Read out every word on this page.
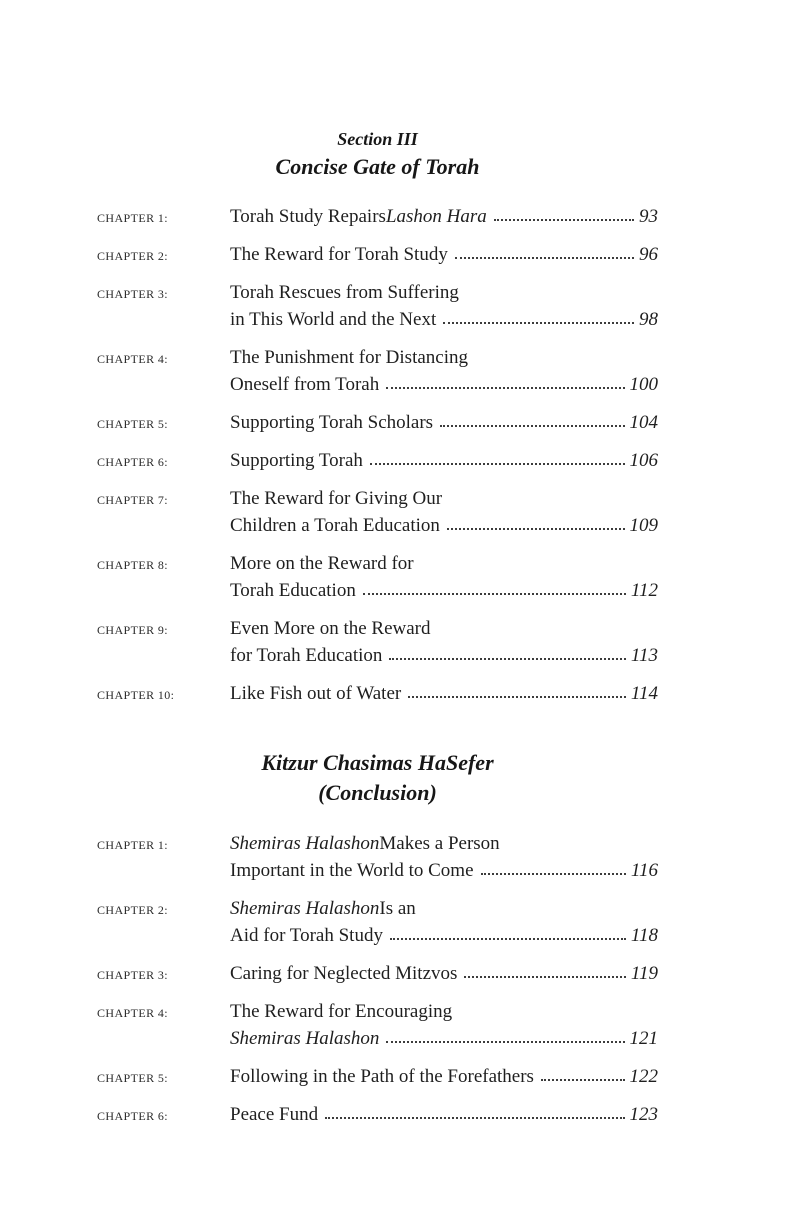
Section III
Concise Gate of Torah
CHAPTER 1:	Torah Study Repairs Lashon Hara	93
CHAPTER 2:	The Reward for Torah Study	96
CHAPTER 3:	Torah Rescues from Suffering
in This World and the Next	98
CHAPTER 4:	The Punishment for Distancing
Oneself from Torah	100
CHAPTER 5:	Supporting Torah Scholars	104
CHAPTER 6:	Supporting Torah	106
CHAPTER 7:	The Reward for Giving Our
Children a Torah Education	109
CHAPTER 8:	More on the Reward for
Torah Education	112
CHAPTER 9:	Even More on the Reward
for Torah Education	113
CHAPTER 10:	Like Fish out of Water	114
Kitzur Chasimas HaSefer
(Conclusion)
CHAPTER 1:	Shemiras Halashon Makes a Person
Important in the World to Come	116
CHAPTER 2:	Shemiras Halashon Is an
Aid for Torah Study	118
CHAPTER 3:	Caring for Neglected Mitzvos	119
CHAPTER 4:	The Reward for Encouraging
Shemiras Halashon	121
CHAPTER 5:	Following in the Path of the Forefathers	122
CHAPTER 6:	Peace Fund	123
